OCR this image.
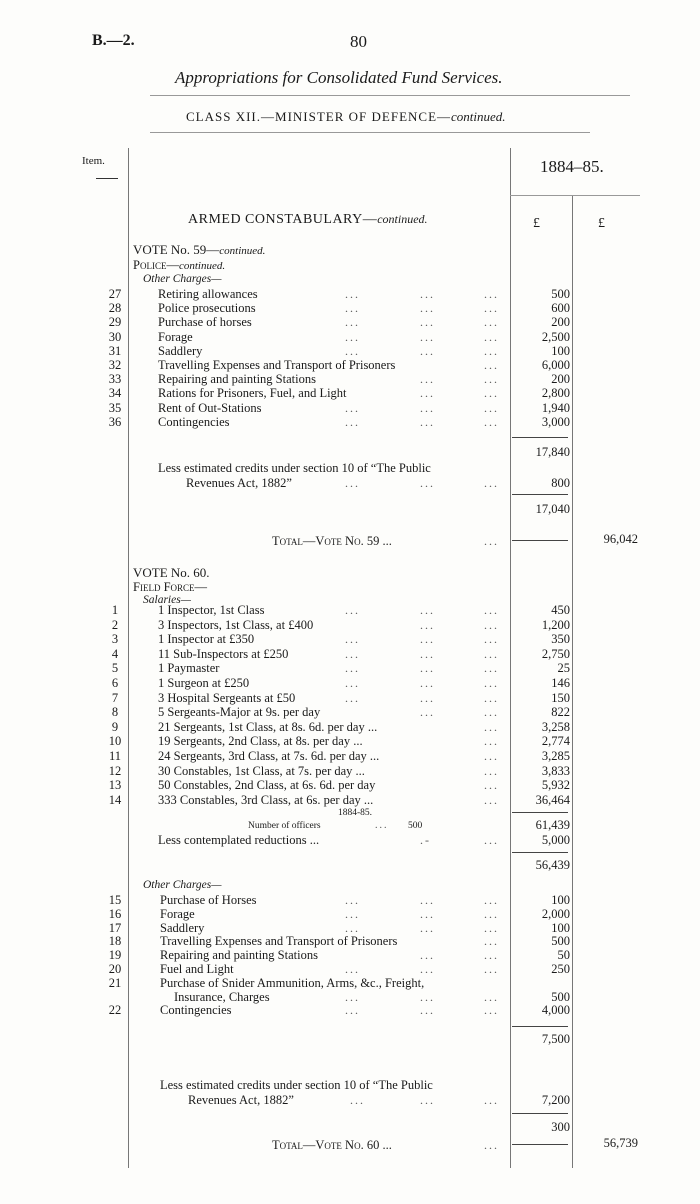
B.—2.	80
Appropriations for Consolidated Fund Services.
CLASS XII.—MINISTER OF DEFENCE—continued.
Item.	1884–85.
£	£
ARMED CONSTABULARY—continued.
VOTE No. 59—continued.
Police—continued.
Other Charges—
27	Retiring allowances	...	...	...	500
28	Police prosecutions	...	...	...	600
29	Purchase of horses	...	...	...	200
30	Forage	...	...	...	2,500
31	Saddlery	...	...	...	100
32	Travelling Expenses and Transport of Prisoners	...	6,000
33	Repairing and painting Stations	...	...	200
34	Rations for Prisoners, Fuel, and Light	...	...	2,800
35	Rent of Out-Stations	...	...	...	1,940
36	Contingencies	...	...	...	3,000
17,840
Less estimated credits under section 10 of “The Public
Revenues Act, 1882”	...	...	...	800
17,040
Total—Vote No. 59 ...	...	96,042
VOTE No. 60.
Field Force—
Salaries—
1	1 Inspector, 1st Class	...	...	...	450
2	3 Inspectors, 1st Class, at £400	...	...	1,200
3	1 Inspector at £350	...	...	...	350
4	11 Sub-Inspectors at £250	...	...	...	2,750
5	1 Paymaster	...	...	...	25
6	1 Surgeon at £250	...	...	...	146
7	3 Hospital Sergeants at £50	...	...	...	150
8	5 Sergeants-Major at 9s. per day	...	...	822
9	21 Sergeants, 1st Class, at 8s. 6d. per day ...	...	3,258
10	19 Sergeants, 2nd Class, at 8s. per day ...	...	2,774
11	24 Sergeants, 3rd Class, at 7s. 6d. per day ...	...	3,285
12	30 Constables, 1st Class, at 7s. per day ...	...	3,833
13	50 Constables, 2nd Class, at 6s. 6d. per day	...	5,932
14	333 Constables, 3rd Class, at 6s. per day ...	...	36,464
1884-85.
Number of officers	... 500	61,439
Less contemplated reductions ...	.-	...	5,000
56,439
Other Charges—
15	Purchase of Horses	...	...	...	100
16	Forage	...	...	...	2,000
17	Saddlery	...	...	...	100
18	Travelling Expenses and Transport of Prisoners	...	500
19	Repairing and painting Stations	...	...	50
20	Fuel and Light	...	...	...	250
21	Purchase of Snider Ammunition, Arms, &c., Freight,
Insurance, Charges	...	...	...	500
22	Contingencies	...	...	...	4,000
7,500
Less estimated credits under section 10 of “The Public
Revenues Act, 1882”	...	...	...	7,200
300
Total—Vote No. 60 ...	...	56,739
